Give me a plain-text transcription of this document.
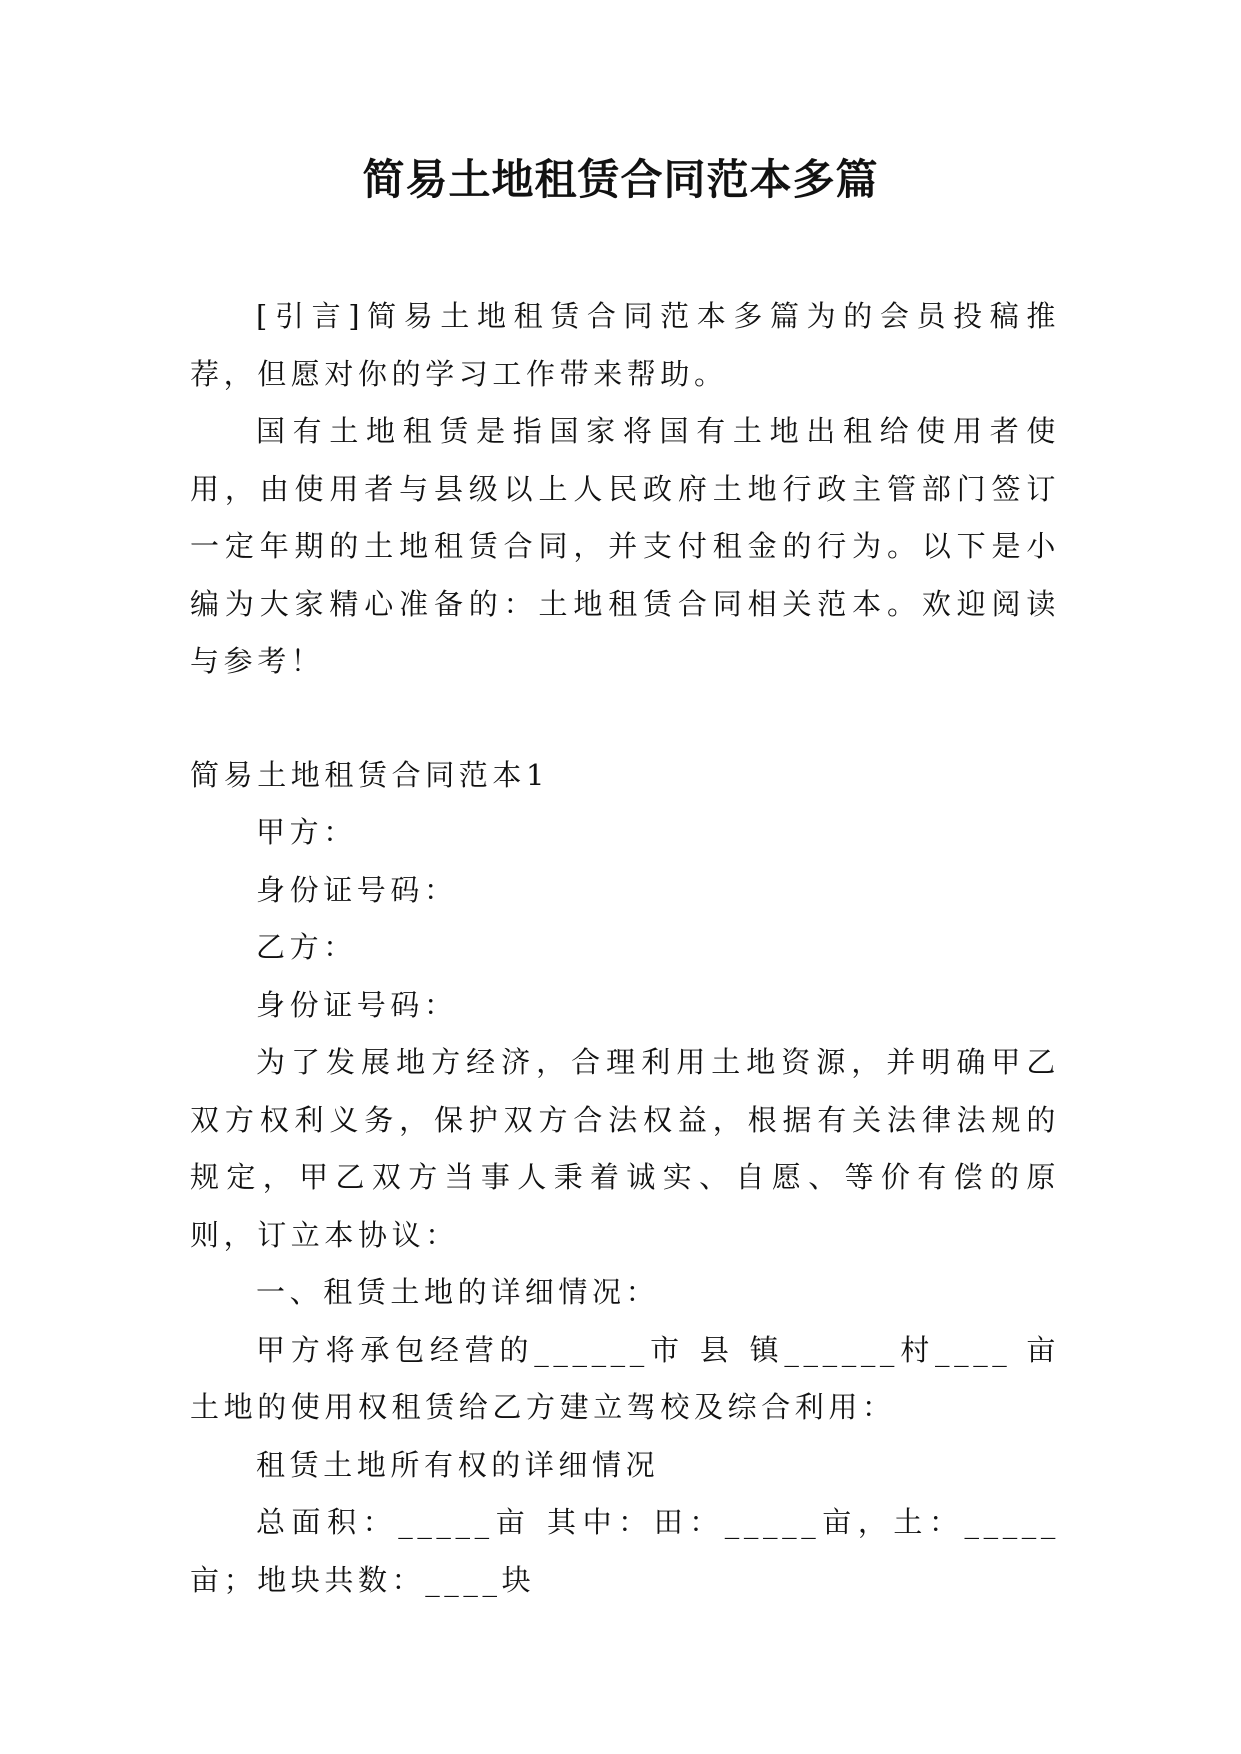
简易土地租赁合同范本多篇

[引言]简易土地租赁合同范本多篇为的会员投稿推荐，但愿对你的学习工作带来帮助。

国有土地租赁是指国家将国有土地出租给使用者使用，由使用者与县级以上人民政府土地行政主管部门签订一定年期的土地租赁合同，并支付租金的行为。以下是小编为大家精心准备的：土地租赁合同相关范本。欢迎阅读与参考！

简易土地租赁合同范本1

甲方：

身份证号码：

乙方：

身份证号码：

为了发展地方经济，合理利用土地资源，并明确甲乙双方权利义务，保护双方合法权益，根据有关法律法规的规定，甲乙双方当事人秉着诚实、自愿、等价有偿的原则，订立本协议：

一、租赁土地的详细情况：

甲方将承包经营的______市 县 镇______村____ 亩土地的使用权租赁给乙方建立驾校及综合利用：

租赁土地所有权的详细情况

总面积：_____亩 其中：田：_____亩，土：_____亩；地块共数：____块
